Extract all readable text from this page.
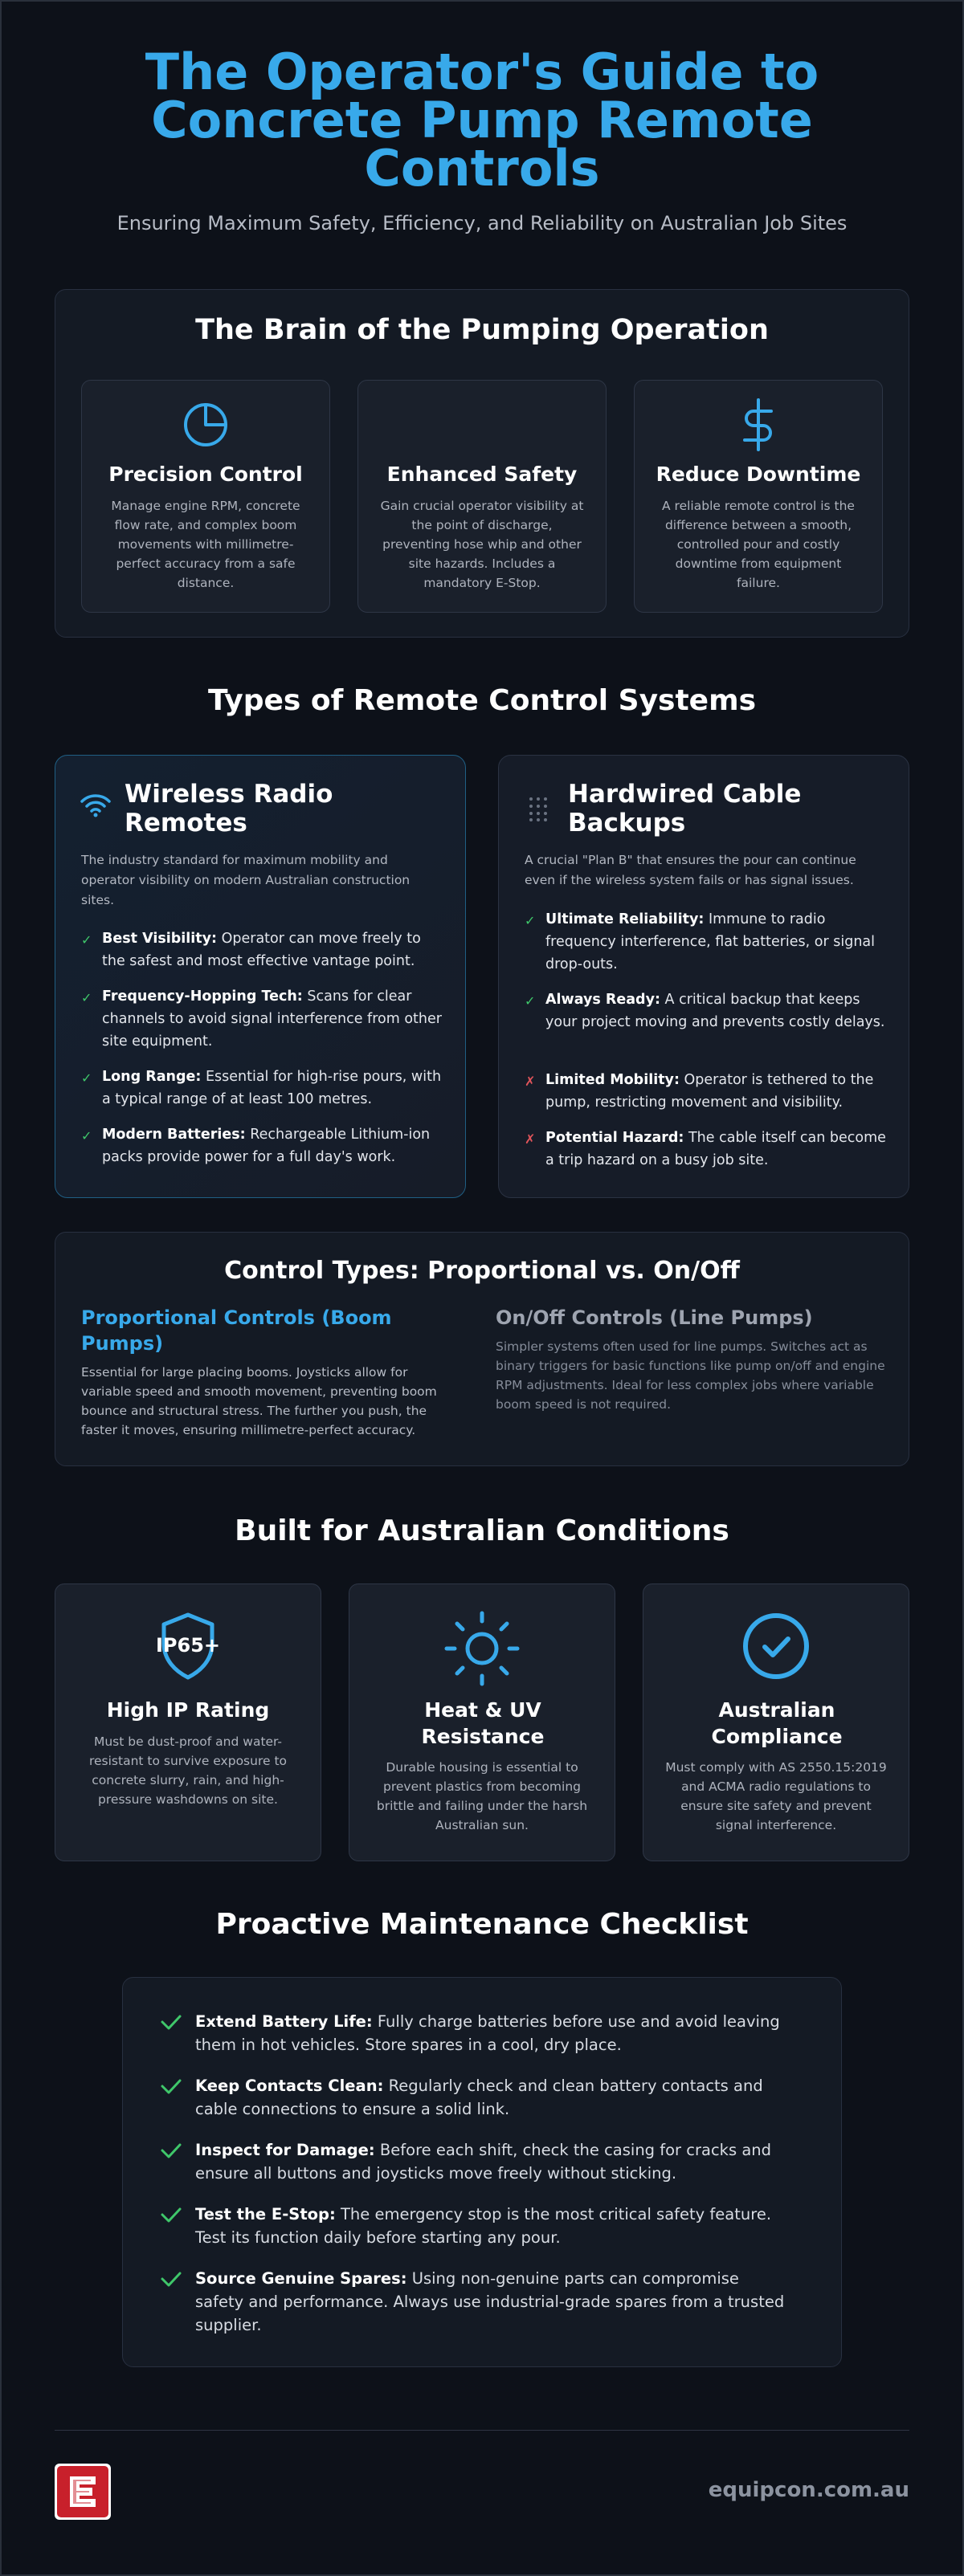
The Operator's Guide to Concrete Pump Remote Controls

Ensuring Maximum Safety, Efficiency, and Reliability on Australian Job Sites

The Brain of the Pumping Operation
Precision Control

Manage engine RPM, concrete flow rate, and complex boom movements with millimetre-perfect accuracy from a safe distance.

Enhanced Safety

Gain crucial operator visibility at the point of discharge, preventing hose whip and other site hazards. Includes a mandatory E-Stop.

Reduce Downtime

A reliable remote control is the difference between a smooth, controlled pour and costly downtime from equipment failure.

Types of Remote Control Systems
Wireless Radio Remotes

The industry standard for maximum mobility and operator visibility on modern Australian construction sites.

✓ Best Visibility: Operator can move freely to the safest and most effective vantage point.
✓ Frequency-Hopping Tech: Scans for clear channels to avoid signal interference from other site equipment.
✓ Long Range: Essential for high-rise pours, with a typical range of at least 100 metres.
✓ Modern Batteries: Rechargeable Lithium-ion packs provide power for a full day's work.
Hardwired Cable Backups

A crucial "Plan B" that ensures the pour can continue even if the wireless system fails or has signal issues.

✓ Ultimate Reliability: Immune to radio frequency interference, flat batteries, or signal drop-outs.
✓ Always Ready: A critical backup that keeps your project moving and prevents costly delays.
✗ Limited Mobility: Operator is tethered to the pump, restricting movement and visibility.
✗ Potential Hazard: The cable itself can become a trip hazard on a busy job site.
Control Types: Proportional vs. On/Off
Proportional Controls (Boom Pumps)

Essential for large placing booms. Joysticks allow for variable speed and smooth movement, preventing boom bounce and structural stress. The further you push, the faster it moves, ensuring millimetre-perfect accuracy.

On/Off Controls (Line Pumps)

Simpler systems often used for line pumps. Switches act as binary triggers for basic functions like pump on/off and engine RPM adjustments. Ideal for less complex jobs where variable boom speed is not required.

Built for Australian Conditions
IP65+
High IP Rating

Must be dust-proof and water-resistant to survive exposure to concrete slurry, rain, and high-pressure washdowns on site.

Heat & UV Resistance

Durable housing is essential to prevent plastics from becoming brittle and failing under the harsh Australian sun.

Australian Compliance

Must comply with AS 2550.15:2019 and ACMA radio regulations to ensure site safety and prevent signal interference.

Proactive Maintenance Checklist
Extend Battery Life: Fully charge batteries before use and avoid leaving them in hot vehicles. Store spares in a cool, dry place.
Keep Contacts Clean: Regularly check and clean battery contacts and cable connections to ensure a solid link.
Inspect for Damage: Before each shift, check the casing for cracks and ensure all buttons and joysticks move freely without sticking.
Test the E-Stop: The emergency stop is the most critical safety feature. Test its function daily before starting any pour.
Source Genuine Spares: Using non-genuine parts can compromise safety and performance. Always use industrial-grade spares from a trusted supplier.
equipcon.com.au
